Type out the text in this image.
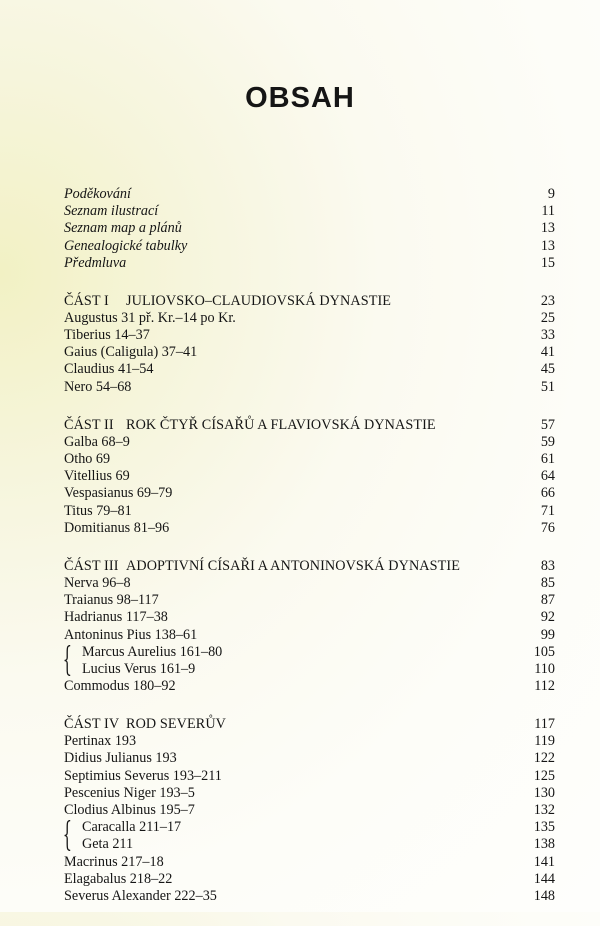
OBSAH
Poděkování	9
Seznam ilustrací	11
Seznam map a plánů	13
Genealogické tabulky	13
Předmluva	15
ČÁST I JULIOVSKO–CLAUDIOVSKÁ DYNASTIE	23
Augustus 31 př. Kr.–14 po Kr.	25
Tiberius 14–37	33
Gaius (Caligula) 37–41	41
Claudius 41–54	45
Nero 54–68	51
ČÁST II ROK ČTYŘ CÍSAŘŮ A FLAVIOVSKÁ DYNASTIE	57
Galba 68–9	59
Otho 69	61
Vitellius 69	64
Vespasianus 69–79	66
Titus 79–81	71
Domitianus 81–96	76
ČÁST III ADOPTIVNÍ CÍSAŘI A ANTONINOVSKÁ DYNASTIE	83
Nerva 96–8	85
Traianus 98–117	87
Hadrianus 117–38	92
Antoninus Pius 138–61	99
Marcus Aurelius 161–80	105
Lucius Verus 161–9	110
Commodus 180–92	112
ČÁST IV ROD SEVERŮV	117
Pertinax 193	119
Didius Julianus 193	122
Septimius Severus 193–211	125
Pescenius Niger 193–5	130
Clodius Albinus 195–7	132
Caracalla 211–17	135
Geta 211	138
Macrinus 217–18	141
Elagabalus 218–22	144
Severus Alexander 222–35	148
